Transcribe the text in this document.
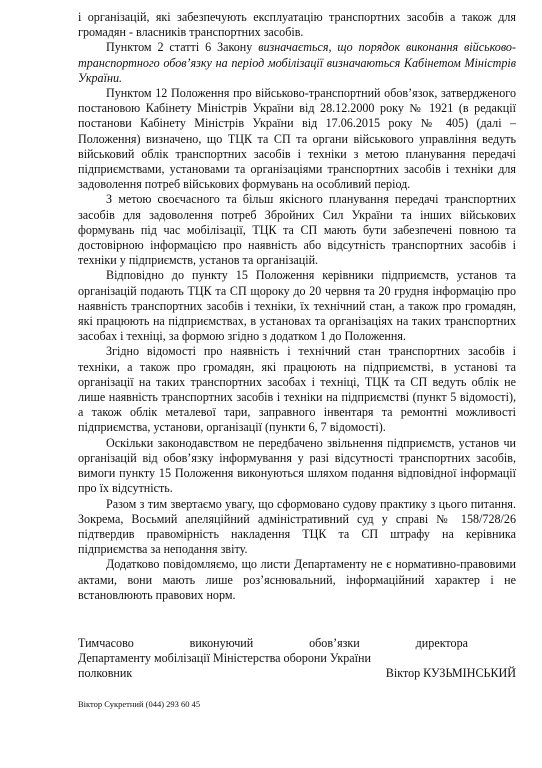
і організацій, які забезпечують експлуатацію транспортних засобів а також для громадян - власників транспортних засобів.

Пунктом 2 статті 6 Закону визначається, що порядок виконання військово-транспортного обов’язку на період мобілізації визначаються Кабінетом Міністрів України.

Пунктом 12 Положення про військово-транспортний обов’язок, затвердженого постановою Кабінету Міністрів України від 28.12.2000 року № 1921 (в редакції постанови Кабінету Міністрів України від 17.06.2015 року № 405) (далі – Положення) визначено, що ТЦК та СП та органи військового управління ведуть військовий облік транспортних засобів і техніки з метою планування передачі підприємствами, установами та організаціями транспортних засобів і техніки для задоволення потреб військових формувань на особливий період.

З метою своєчасного та більш якісного планування передачі транспортних засобів для задоволення потреб Збройних Сил України та інших військових формувань під час мобілізації, ТЦК та СП мають бути забезпечені повною та достовірною інформацією про наявність або відсутність транспортних засобів і техніки у підприємств, установ та організацій.

Відповідно до пункту 15 Положення керівники підприємств, установ та організацій подають ТЦК та СП щороку до 20 червня та 20 грудня інформацію про наявність транспортних засобів і техніки, їх технічний стан, а також про громадян, які працюють на підприємствах, в установах та організаціях на таких транспортних засобах і техніці, за формою згідно з додатком 1 до Положення.

Згідно відомості про наявність і технічний стан транспортних засобів і техніки, а також про громадян, які працюють на підприємстві, в установі та організації на таких транспортних засобах і техніці, ТЦК та СП ведуть облік не лише наявність транспортних засобів і техніки на підприємстві (пункт 5 відомості), а також облік металевої тари, заправного інвентаря та ремонтні можливості підприємства, установи, організації (пункти 6, 7 відомості).

Оскільки законодавством не передбачено звільнення підприємств, установ чи організацій від обов’язку інформування у разі відсутності транспортних засобів, вимоги пункту 15 Положення виконуються шляхом подання відповідної інформації про їх відсутність.

Разом з тим звертаємо увагу, що сформовано судову практику з цього питання. Зокрема, Восьмий апеляційний адміністративний суд у справі № 158/728/26 підтвердив правомірність накладення ТЦК та СП штрафу на керівника підприємства за неподання звіту.

Додатково повідомляємо, що листи Департаменту не є нормативно-правовими актами, вони мають лише роз’яснювальний, інформаційний характер і не встановлюють правових норм.

Тимчасово	виконуючий	обов’язки	директора
Департаменту мобілізації Міністерства оборони України
полковник	Віктор КУЗЬМІНСЬКИЙ
Віктор Сукретний (044) 293 60 45
